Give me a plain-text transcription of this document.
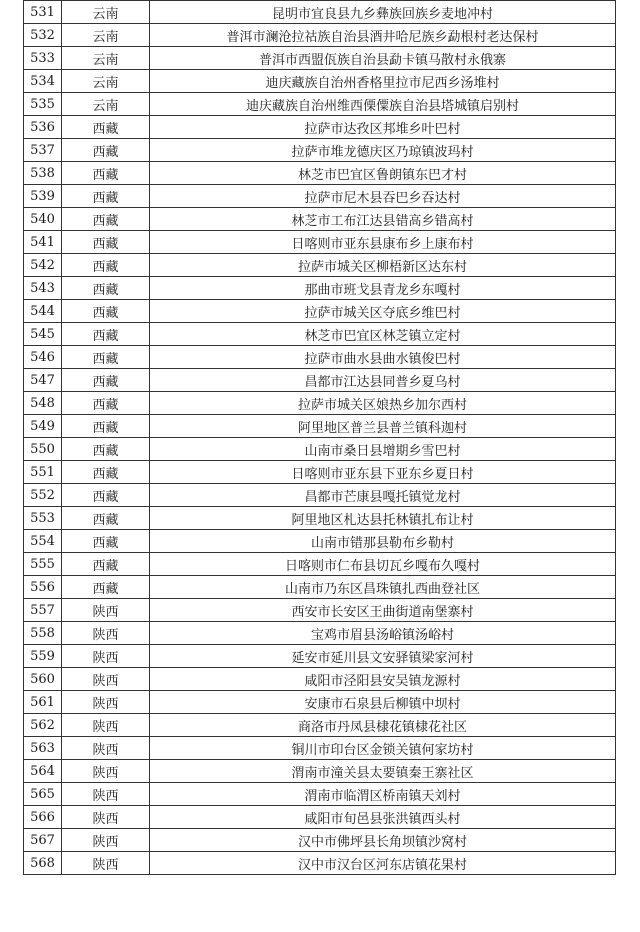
531	云南	昆明市宜良县九乡彝族回族乡麦地冲村
532	云南	普洱市澜沧拉祜族自治县酒井哈尼族乡勐根村老达保村
533	云南	普洱市西盟佤族自治县勐卡镇马散村永俄寨
534	云南	迪庆藏族自治州香格里拉市尼西乡汤堆村
535	云南	迪庆藏族自治州维西傈僳族自治县塔城镇启别村
536	西藏	拉萨市达孜区邦堆乡叶巴村
537	西藏	拉萨市堆龙德庆区乃琼镇波玛村
538	西藏	林芝市巴宜区鲁朗镇东巴才村
539	西藏	拉萨市尼木县吞巴乡吞达村
540	西藏	林芝市工布江达县错高乡错高村
541	西藏	日喀则市亚东县康布乡上康布村
542	西藏	拉萨市城关区柳梧新区达东村
543	西藏	那曲市班戈县青龙乡东嘎村
544	西藏	拉萨市城关区夺底乡维巴村
545	西藏	林芝市巴宜区林芝镇立定村
546	西藏	拉萨市曲水县曲水镇俊巴村
547	西藏	昌都市江达县同普乡夏乌村
548	西藏	拉萨市城关区娘热乡加尔西村
549	西藏	阿里地区普兰县普兰镇科迦村
550	西藏	山南市桑日县增期乡雪巴村
551	西藏	日喀则市亚东县下亚东乡夏日村
552	西藏	昌都市芒康县嘎托镇觉龙村
553	西藏	阿里地区札达县托林镇扎布让村
554	西藏	山南市错那县勒布乡勒村
555	西藏	日喀则市仁布县切瓦乡嘎布久嘎村
556	西藏	山南市乃东区昌珠镇扎西曲登社区
557	陕西	西安市长安区王曲街道南堡寨村
558	陕西	宝鸡市眉县汤峪镇汤峪村
559	陕西	延安市延川县文安驿镇梁家河村
560	陕西	咸阳市泾阳县安吴镇龙源村
561	陕西	安康市石泉县后柳镇中坝村
562	陕西	商洛市丹凤县棣花镇棣花社区
563	陕西	铜川市印台区金锁关镇何家坊村
564	陕西	渭南市潼关县太要镇秦王寨社区
565	陕西	渭南市临渭区桥南镇天刘村
566	陕西	咸阳市旬邑县张洪镇西头村
567	陕西	汉中市佛坪县长角坝镇沙窝村
568	陕西	汉中市汉台区河东店镇花果村
